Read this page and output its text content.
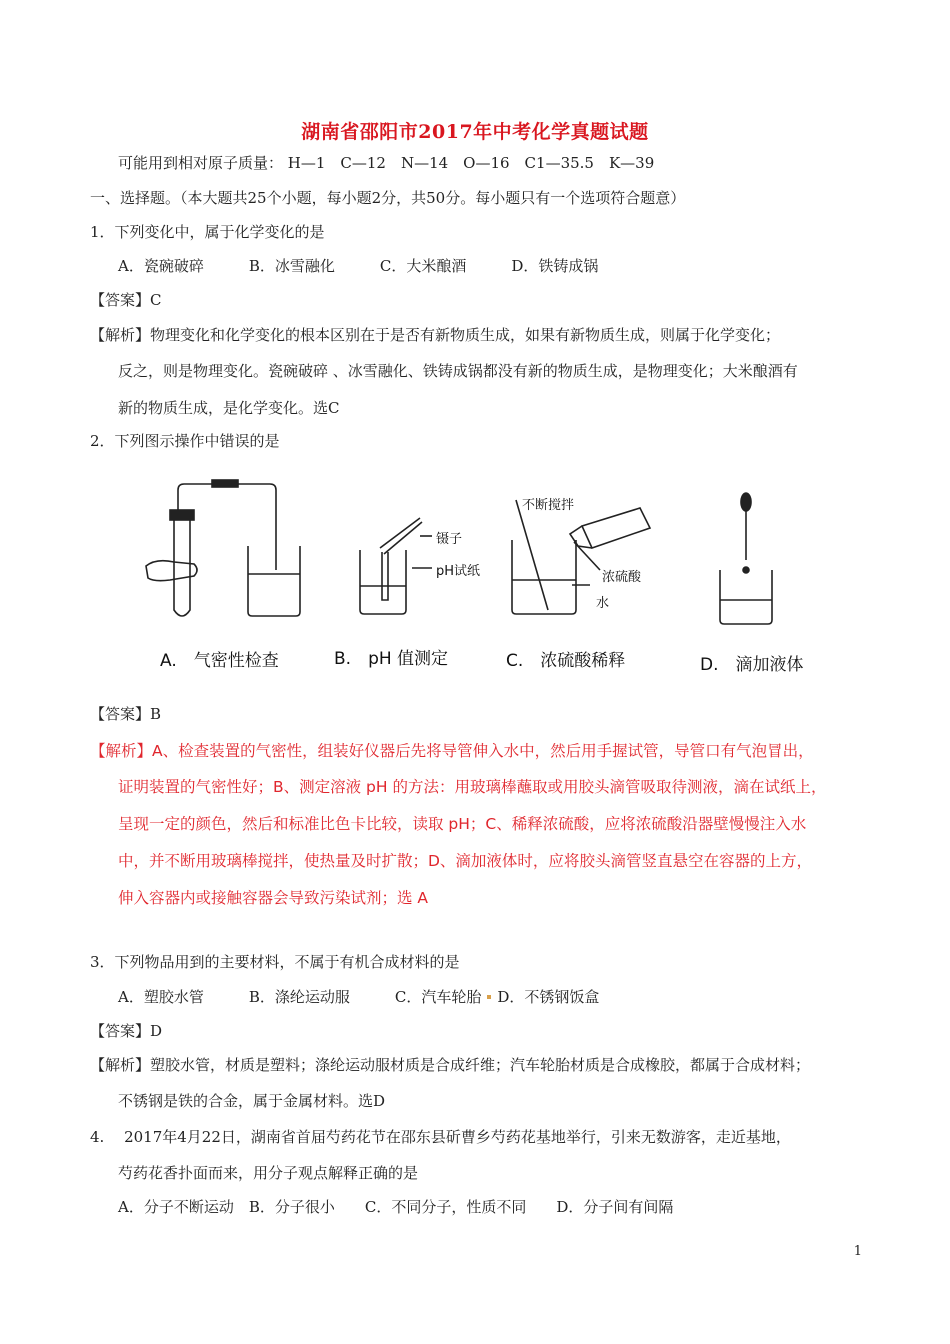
湖南省邵阳市2017年中考化学真题试题
可能用到相对原子质量： H—1　C—12　N—14　O—16　C1—35.5　K—39
一、选择题。（本大题共25个小题，每小题2分，共50分。每小题只有一个选项符合题意）
1．下列变化中，属于化学变化的是
A．瓷碗破碎　　　B．冰雪融化　　　C．大米酿酒　　　D．铁铸成锅
【答案】C
【解析】物理变化和化学变化的根本区别在于是否有新物质生成，如果有新物质生成，则属于化学变化；
反之，则是物理变化。瓷碗破碎 、冰雪融化、铁铸成锅都没有新的物质生成，是物理变化；大米酿酒有
新的物质生成，是化学变化。选C
2．下列图示操作中错误的是
镊子
pH试纸
不断搅拌
浓硫酸
水
A.　气密性检查	B.　pH 值测定	C.　浓硫酸稀释	D.　滴加液体
【答案】B
【解析】A、检查装置的气密性，组装好仪器后先将导管伸入水中，然后用手握试管，导管口有气泡冒出，
证明装置的气密性好；B、测定溶液 pH 的方法：用玻璃棒蘸取或用胶头滴管吸取待测液，滴在试纸上，
呈现一定的颜色，然后和标准比色卡比较，读取 pH；C、稀释浓硫酸，应将浓硫酸沿器壁慢慢注入水
中，并不断用玻璃棒搅拌，使热量及时扩散；D、滴加液体时，应将胶头滴管竖直悬空在容器的上方，
伸入容器内或接触容器会导致污染试剂；选 A
3．下列物品用到的主要材料，不属于有机合成材料的是
A．塑胶水管　　　B．涤纶运动服　　　C．汽车轮胎 D．不锈钢饭盒
【答案】D
【解析】塑胶水管，材质是塑料；涤纶运动服材质是合成纤维；汽车轮胎材质是合成橡胶，都属于合成材料；
不锈钢是铁的合金，属于金属材料。选D
4.　 2017年4月22日，湖南省首届芍药花节在邵东县斫曹乡芍药花基地举行，引来无数游客，走近基地，
芍药花香扑面而来，用分子观点解释正确的是
A．分子不断运动　B．分子很小　　C．不同分子，性质不同　　D．分子间有间隔
1
